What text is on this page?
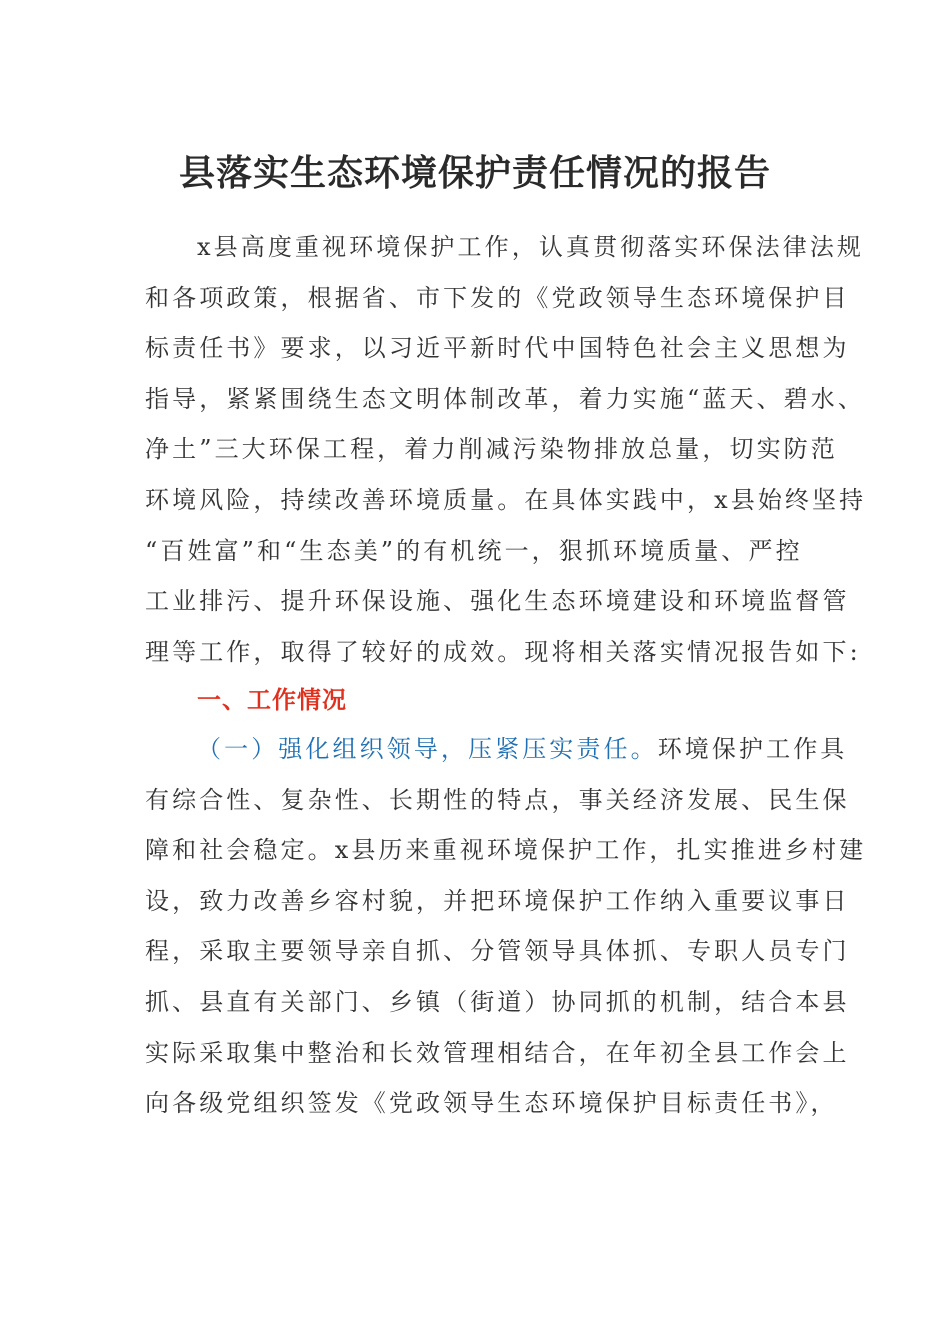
县落实生态环境保护责任情况的报告
x县高度重视环境保护工作，认真贯彻落实环保法律法规
和各项政策，根据省、市下发的《党政领导生态环境保护目
标责任书》要求，以习近平新时代中国特色社会主义思想为
指导，紧紧围绕生态文明体制改革，着力实施“蓝天、碧水、
净土”三大环保工程，着力削减污染物排放总量，切实防范
环境风险，持续改善环境质量。在具体实践中，x县始终坚持
“百姓富”和“生态美”的有机统一，狠抓环境质量、严控
工业排污、提升环保设施、强化生态环境建设和环境监督管
理等工作，取得了较好的成效。现将相关落实情况报告如下:
一、工作情况
（一）强化组织领导，压紧压实责任。环境保护工作具
有综合性、复杂性、长期性的特点，事关经济发展、民生保
障和社会稳定。x县历来重视环境保护工作，扎实推进乡村建
设，致力改善乡容村貌，并把环境保护工作纳入重要议事日
程，采取主要领导亲自抓、分管领导具体抓、专职人员专门
抓、县直有关部门、乡镇（街道）协同抓的机制，结合本县
实际采取集中整治和长效管理相结合，在年初全县工作会上
向各级党组织签发《党政领导生态环境保护目标责任书》，
